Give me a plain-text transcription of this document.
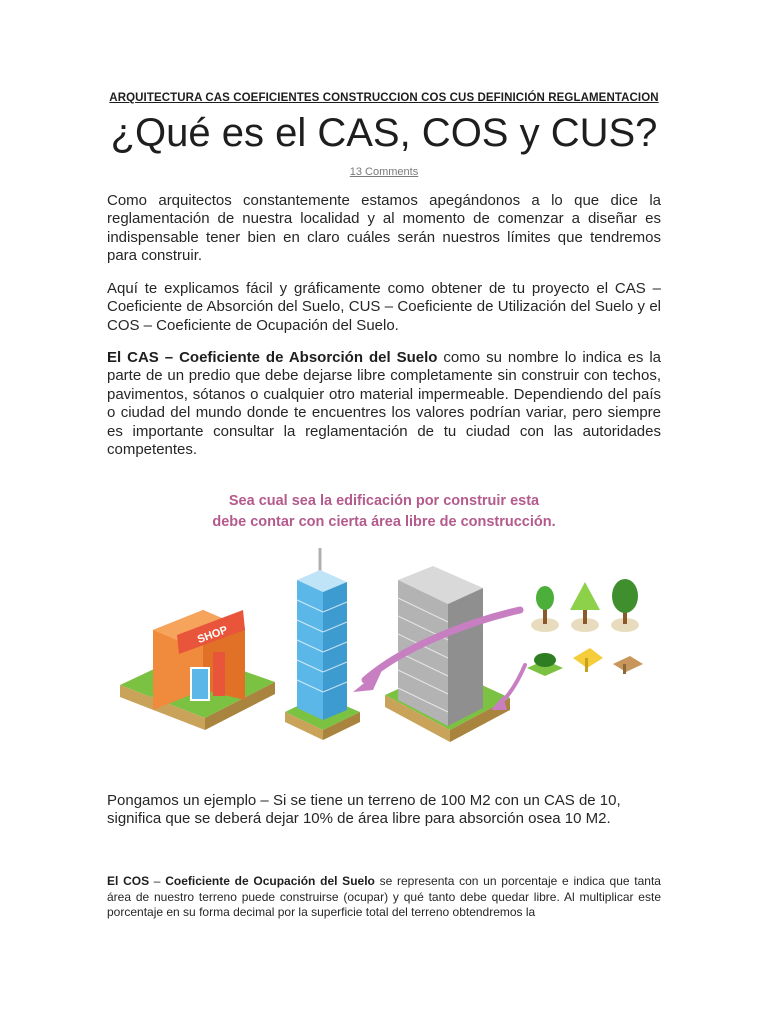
ARQUITECTURA CAS COEFICIENTES CONSTRUCCION COS CUS DEFINICIÓN REGLAMENTACION
¿Qué es el CAS, COS y CUS?
13 Comments

Como arquitectos constantemente estamos apegándonos a lo que dice la reglamentación de nuestra localidad y al momento de comenzar a diseñar es indispensable tener bien en claro cuáles serán nuestros límites que tendremos para construir.

Aquí te explicamos fácil y gráficamente como obtener de tu proyecto el CAS – Coeficiente de Absorción del Suelo, CUS – Coeficiente de Utilización del Suelo y el COS – Coeficiente de Ocupación del Suelo.

El CAS – Coeficiente de Absorción del Suelo como su nombre lo indica es la parte de un predio que debe dejarse libre completamente sin construir con techos, pavimentos, sótanos o cualquier otro material impermeable. Dependiendo del país o ciudad del mundo donde te encuentres los valores podrían variar, pero siempre es importante consultar la reglamentación de tu ciudad con las autoridades competentes.

Sea cual sea la edificación por construir esta
debe contar con cierta área libre de construcción.
SHOP

Pongamos un ejemplo – Si se tiene un terreno de 100 M2 con un CAS de 10, significa que se deberá dejar 10% de área libre para absorción osea 10 M2.

El COS – Coeficiente de Ocupación del Suelo se representa con un porcentaje e indica que tanta área de nuestro terreno puede construirse (ocupar) y qué tanto debe quedar libre. Al multiplicar este porcentaje en su forma decimal por la superficie total del terreno obtendremos la
